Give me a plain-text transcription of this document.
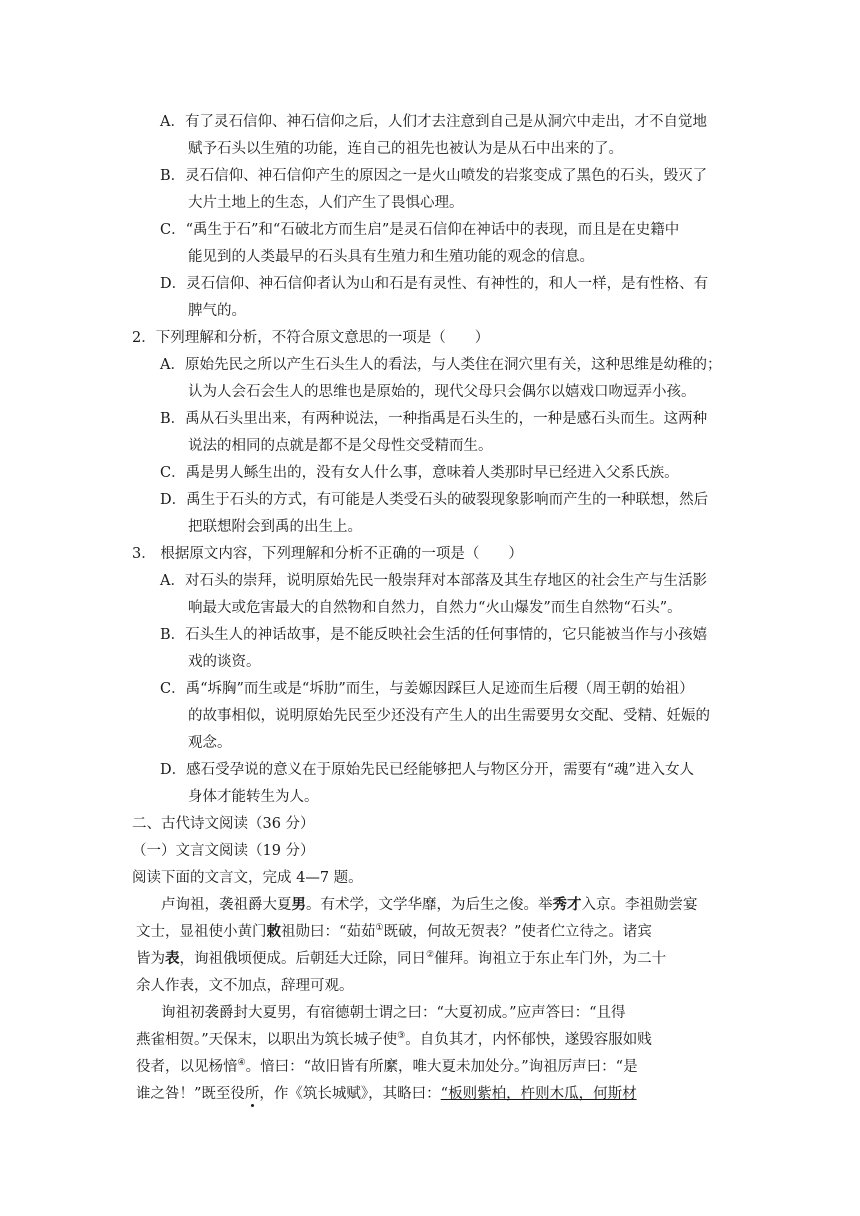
A．有了灵石信仰、神石信仰之后，人们才去注意到自己是从洞穴中走出，才不自觉地
赋予石头以生殖的功能，连自己的祖先也被认为是从石中出来的了。
B．灵石信仰、神石信仰产生的原因之一是火山喷发的岩浆变成了黑色的石头，毁灭了
大片土地上的生态，人们产生了畏惧心理。
C．“禹生于石”和“石破北方而生启”是灵石信仰在神话中的表现，而且是在史籍中
能见到的人类最早的石头具有生殖力和生殖功能的观念的信息。
D．灵石信仰、神石信仰者认为山和石是有灵性、有神性的，和人一样，是有性格、有
脾气的。
2．下列理解和分析，不符合原文意思的一项是（　　）
A．原始先民之所以产生石头生人的看法，与人类住在洞穴里有关，这种思维是幼稚的；
认为人会石会生人的思维也是原始的，现代父母只会偶尔以嬉戏口吻逗弄小孩。
B．禹从石头里出来，有两种说法，一种指禹是石头生的，一种是感石头而生。这两种
说法的相同的点就是都不是父母性交受精而生。
C．禹是男人鲧生出的，没有女人什么事，意味着人类那时早已经进入父系氏族。
D．禹生于石头的方式，有可能是人类受石头的破裂现象影响而产生的一种联想，然后
把联想附会到禹的出生上。
3． 根据原文内容，下列理解和分析不正确的一项是（　　）
A．对石头的崇拜，说明原始先民一般崇拜对本部落及其生存地区的社会生产与生活影
响最大或危害最大的自然物和自然力，自然力“火山爆发”而生自然物“石头”。
B．石头生人的神话故事，是不能反映社会生活的任何事情的，它只能被当作与小孩嬉
戏的谈资。
C．禹“坼胸”而生或是“坼肋”而生，与姜嫄因踩巨人足迹而生后稷（周王朝的始祖）
的故事相似，说明原始先民至少还没有产生人的出生需要男女交配、受精、妊娠的
观念。
D．感石受孕说的意义在于原始先民已经能够把人与物区分开，需要有“魂”进入女人
身体才能转生为人。
二、古代诗文阅读（36 分）
（一）文言文阅读（19 分）
阅读下面的文言文，完成 4—7 题。
卢询祖，袭祖爵大夏男。有术学，文学华靡，为后生之俊。举秀才入京。李祖勋尝宴
文士，显祖使小黄门敕祖勋曰：“茹茹①既破，何故无贺表？”使者伫立待之。诸宾
皆为表，询祖俄顷便成。后朝廷大迁除，同日②催拜。询祖立于东止车门外，为二十
余人作表，文不加点，辞理可观。
询祖初袭爵封大夏男，有宿德朝士谓之曰：“大夏初成。”应声答曰：“且得
燕雀相贺。”天保末，以职出为筑长城子使③。自负其才，内怀郁怏，遂毁容服如贱
役者，以见杨愔④。愔曰：“故旧皆有所縻，唯大夏未加处分。”询祖厉声曰：“是
谁之咎！”既至役所，作《筑长城赋》，其略曰：“板则紫柏，杵则木瓜，何斯材
